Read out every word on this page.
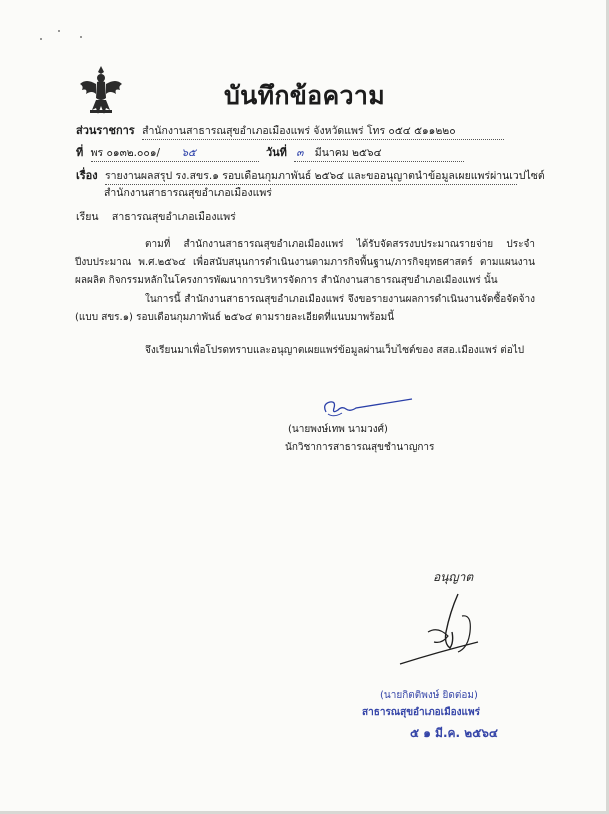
บันทึกข้อความ
ส่วนราชการ สำนักงานสาธารณสุขอำเภอเมืองแพร่ จังหวัดแพร่ โทร ๐๕๔ ๕๑๑๒๒๐
ที่ พร ๐๑๓๒.๐๐๑/ ๖๕	วันที่ ๓ มีนาคม ๒๕๖๔
เรื่อง รายงานผลสรุป รง.สขร.๑ รอบเดือนกุมภาพันธ์ ๒๕๖๔ และขออนุญาตนำข้อมูลเผยแพร่ผ่านเวปไซต์
สำนักงานสาธารณสุขอำเภอเมืองแพร่
เรียน สาธารณสุขอำเภอเมืองแพร่
ตามที่ สำนักงานสาธารณสุขอำเภอเมืองแพร่ ได้รับจัดสรรงบประมาณรายจ่าย ประจำปีงบประมาณ พ.ศ.๒๕๖๔ เพื่อสนับสนุนการดำเนินงานตามภารกิจพื้นฐาน/ภารกิจยุทธศาสตร์ ตามแผนงานผลผลิต กิจกรรมหลักในโครงการพัฒนาการบริหารจัดการ สำนักงานสาธารณสุขอำเภอเมืองแพร่ นั้น
ในการนี้ สำนักงานสาธารณสุขอำเภอเมืองแพร่ จึงขอรายงานผลการดำเนินงานจัดซื้อจัดจ้าง (แบบ สขร.๑) รอบเดือนกุมภาพันธ์ ๒๕๖๔ ตามรายละเอียดที่แนบมาพร้อมนี้
จึงเรียนมาเพื่อโปรดทราบและอนุญาตเผยแพร่ข้อมูลผ่านเว็บไซต์ของ สสอ.เมืองแพร่ ต่อไป
(นายพงษ์เทพ นามวงศ์)
นักวิชาการสาธารณสุขชำนาญการ
อนุญาต
(นายกิตติพงษ์ ยิดต่อม)
สาธารณสุขอำเภอเมืองแพร่
๕ ๑ มี.ค. ๒๕๖๔
